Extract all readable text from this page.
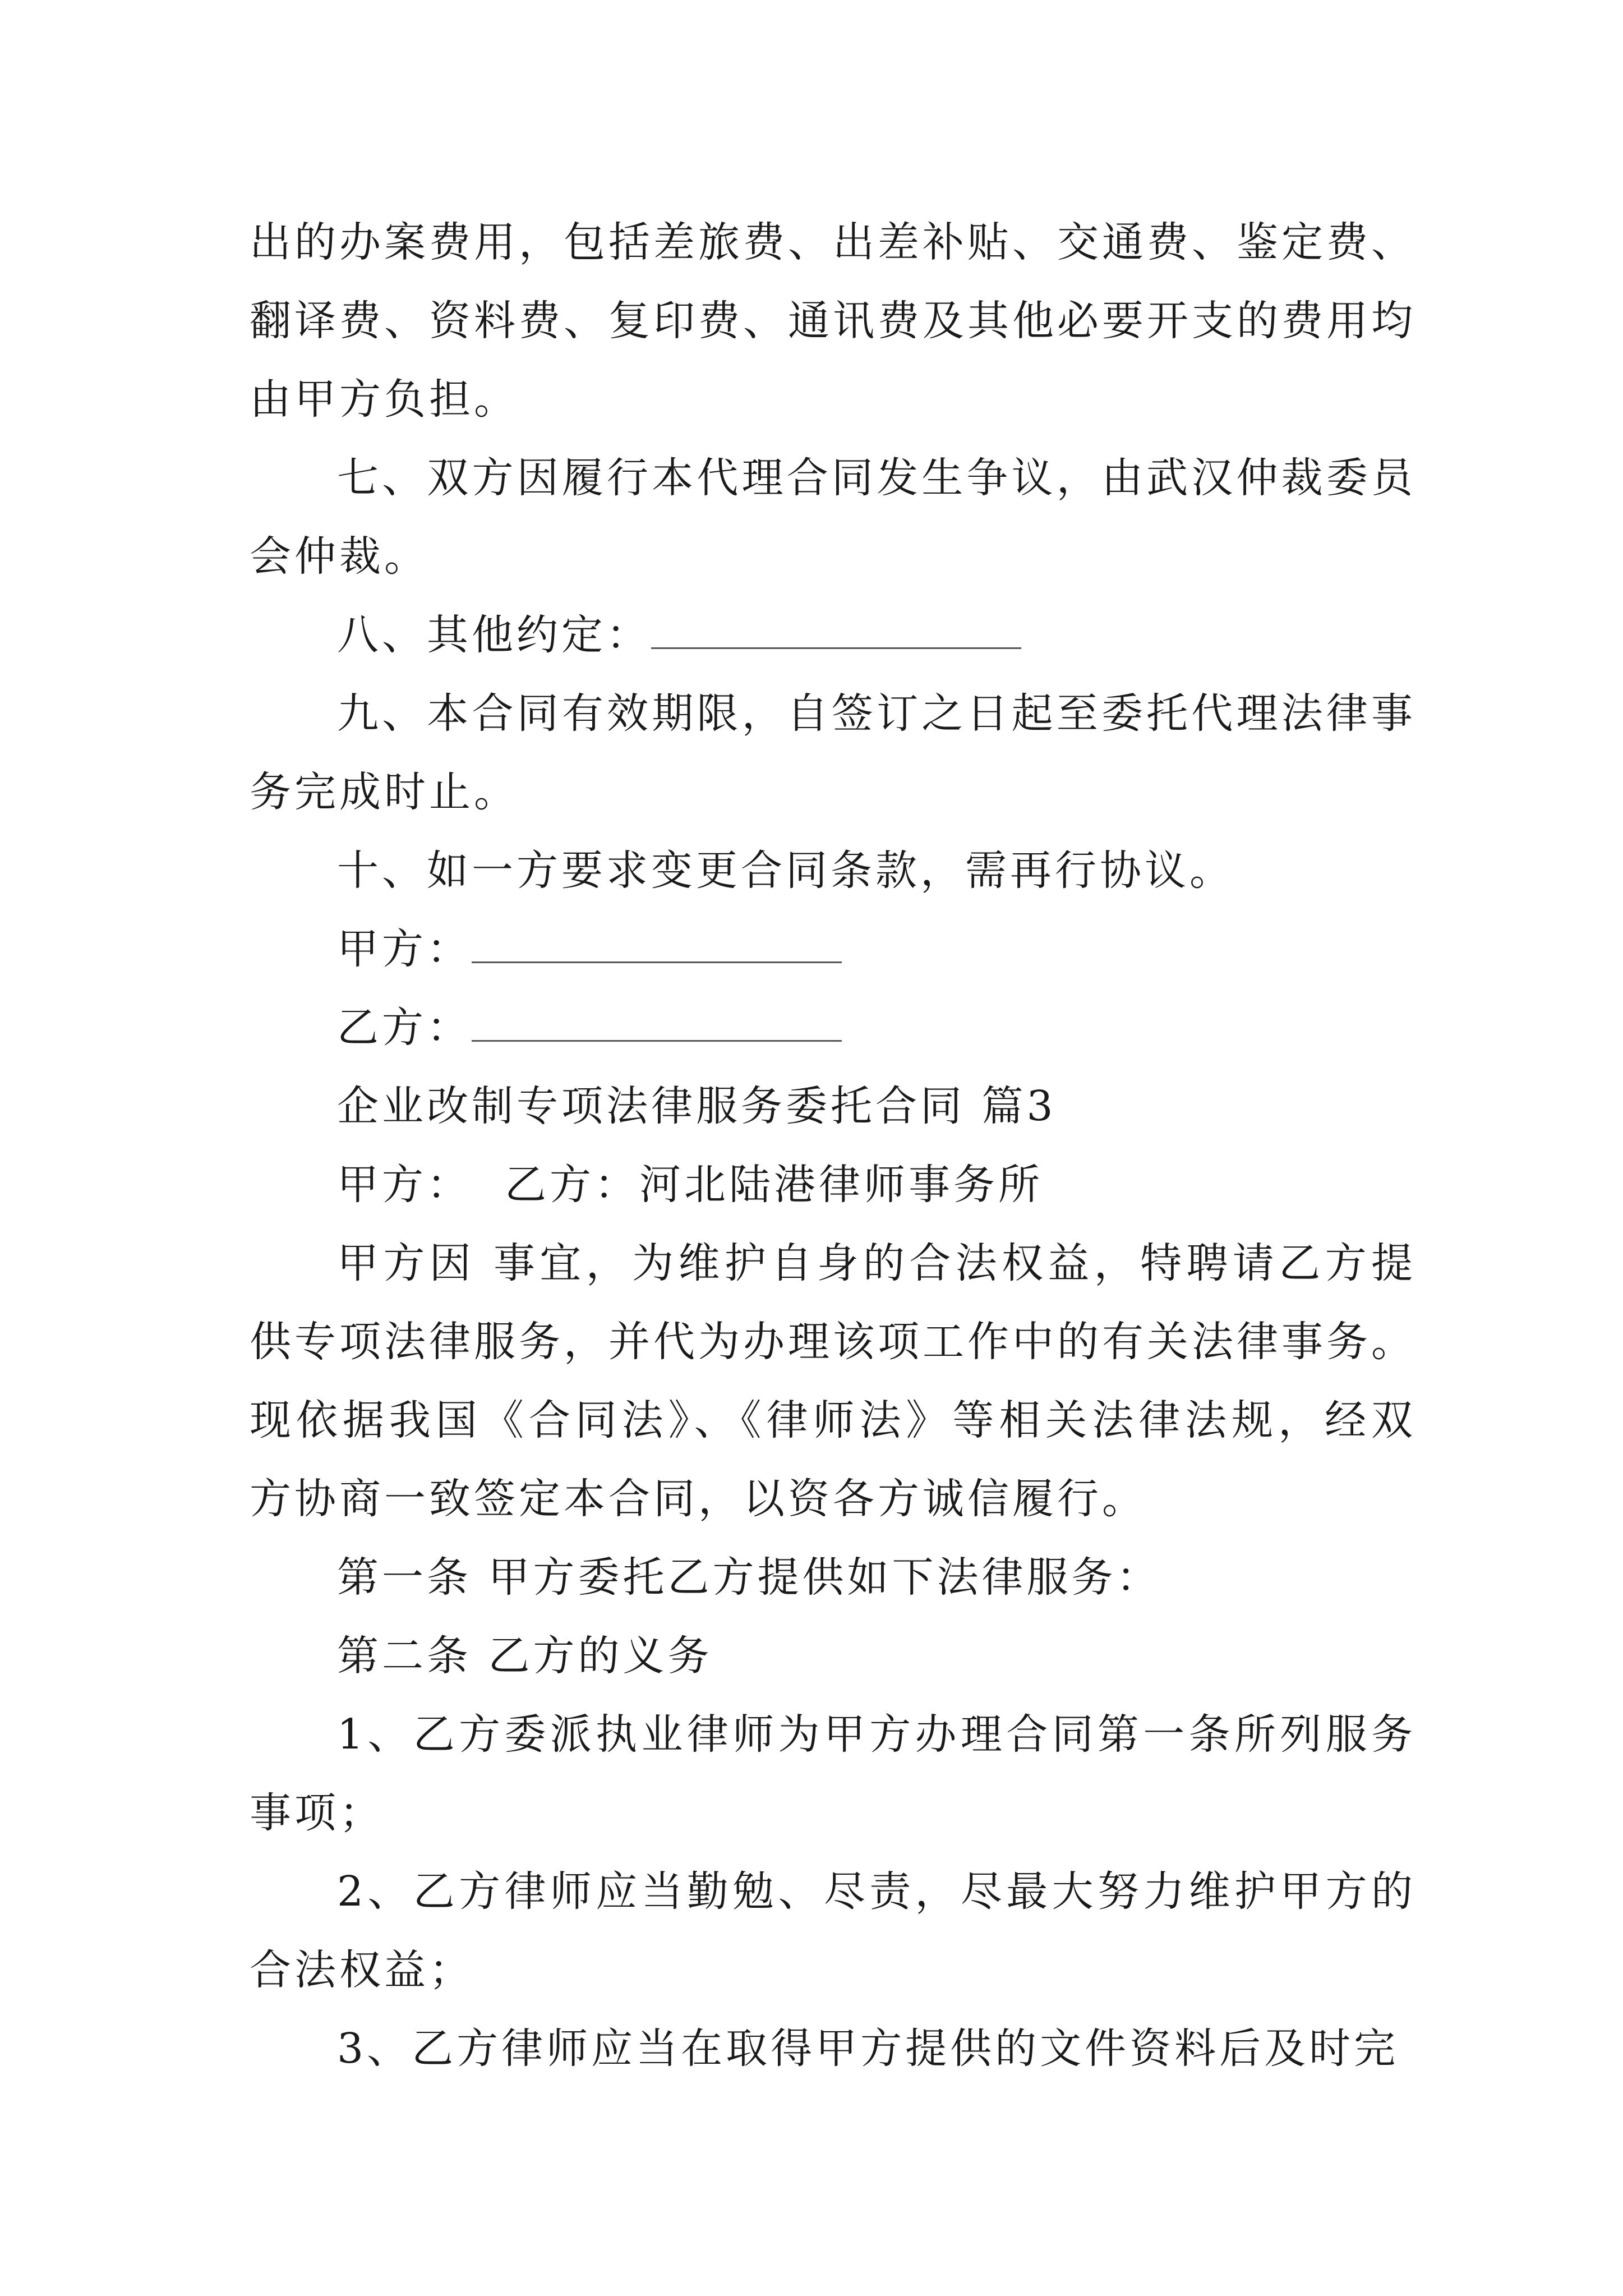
出的办案费用，包括差旅费、出差补贴、交通费、鉴定费、翻译费、资料费、复印费、通讯费及其他必要开支的费用均由甲方负担。

七、双方因履行本代理合同发生争议，由武汉仲裁委员会仲裁。

八、其他约定：

九、本合同有效期限，自签订之日起至委托代理法律事务完成时止。

十、如一方要求变更合同条款，需再行协议。

甲方：

乙方：

企业改制专项法律服务委托合同 篇3

甲方：  乙方：河北陆港律师事务所

甲方因 事宜，为维护自身的合法权益，特聘请乙方提供专项法律服务，并代为办理该项工作中的有关法律事务。现依据我国《合同法》、《律师法》等相关法律法规，经双方协商一致签定本合同，以资各方诚信履行。

第一条 甲方委托乙方提供如下法律服务：

第二条 乙方的义务

1、乙方委派执业律师为甲方办理合同第一条所列服务事项；

2、乙方律师应当勤勉、尽责，尽最大努力维护甲方的合法权益；

3、乙方律师应当在取得甲方提供的文件资料后及时完
